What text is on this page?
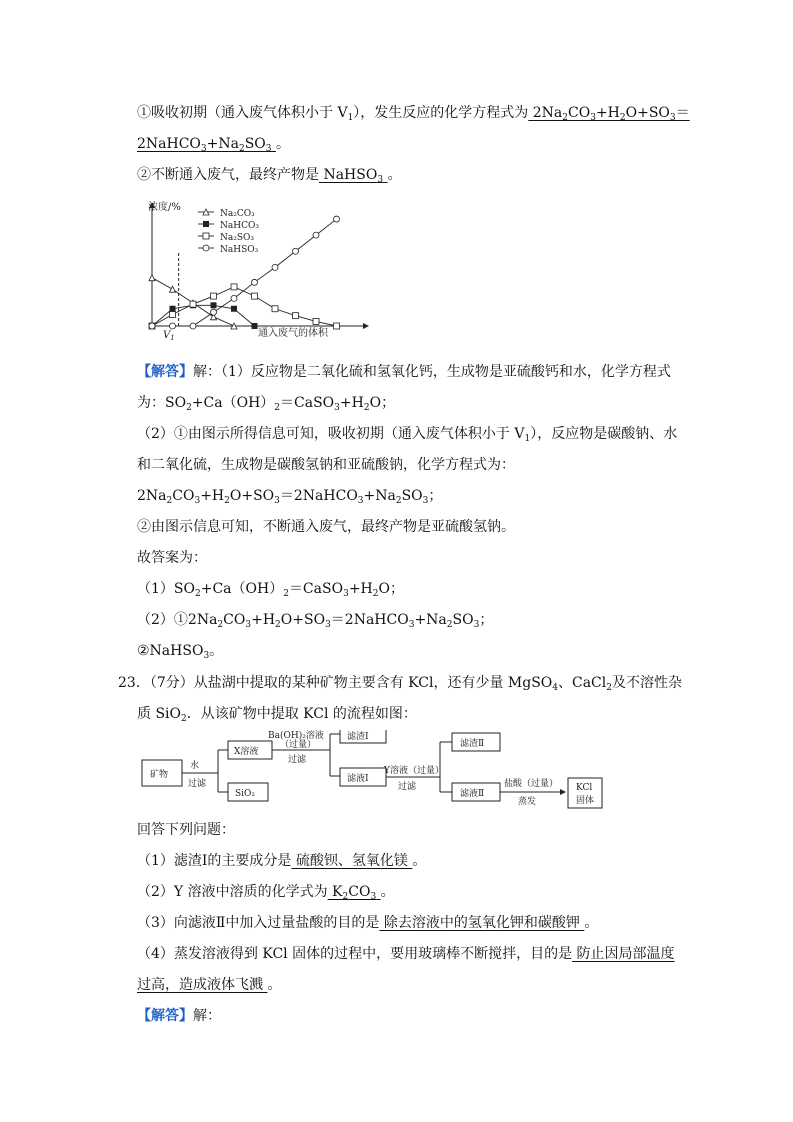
①吸收初期（通入废气体积小于 $V_1$），发生反应的化学方程式为 $2Na_2CO_3+H_2O+SO_3=$
$2NaHCO_3+Na_2SO_3$ 。
②不断通入废气，最终产物是 NaHSO$_3$ 。
Na₂CO₃
NaHCO₃
Na₂SO₃
NaHSO₃
浓度/%
通入废气的体积
$V_1$
【解答】解：（1）反应物是二氧化硫和氢氧化钙，生成物是亚硫酸钙和水，化学方程式
为：$SO_2+Ca(OH)_2=CaSO_3+H_2O$；
（2）①由图示所得信息可知，吸收初期（通入废气体积小于 $V_1$），反应物是碳酸钠、水
和二氧化硫，生成物是碳酸氢钠和亚硫酸钠，化学方程式为：
$2Na_2CO_3+H_2O+SO_3=2NaHCO_3+Na_2SO_3$；
②由图示信息可知，不断通入废气，最终产物是亚硫酸氢钠。
故答案为：
$(1)SO_2+Ca(OH)_2=CaSO_3+H_2O$；
$(2)①2Na_2CO_3+H_2O+SO_3=2NaHCO_3+Na_2SO_3$；
②NaHSO$_3$。
23．（7分）从盐湖中提取的某种矿物主要含有 KCl，还有少量 MgSO$_4$、CaCl$_2$及不溶性杂
质 SiO$_2$．从该矿物中提取 KCl 的流程如图：
矿物
水
过滤
X溶液
SiO₂
Ba(OH)₂溶液
（过量）
过滤
滤渣Ⅰ
滤液Ⅰ
Y溶液（过量）
过滤
滤渣Ⅱ
滤液Ⅱ
盐酸（过量）
蒸发
KCl
固体
回答下列问题：
（1）滤渣Ⅰ的主要成分是 硫酸钡、氢氧化镁 。
（2）Y 溶液中溶质的化学式为 $K_2CO_3$ 。
（3）向滤液Ⅱ中加入过量盐酸的目的是 除去溶液中的氢氧化钾和碳酸钾 。
（4）蒸发溶液得到 KCl 固体的过程中，要用玻璃棒不断搅拌，目的是 防止因局部温度
过高，造成液体飞溅 。
【解答】解：
